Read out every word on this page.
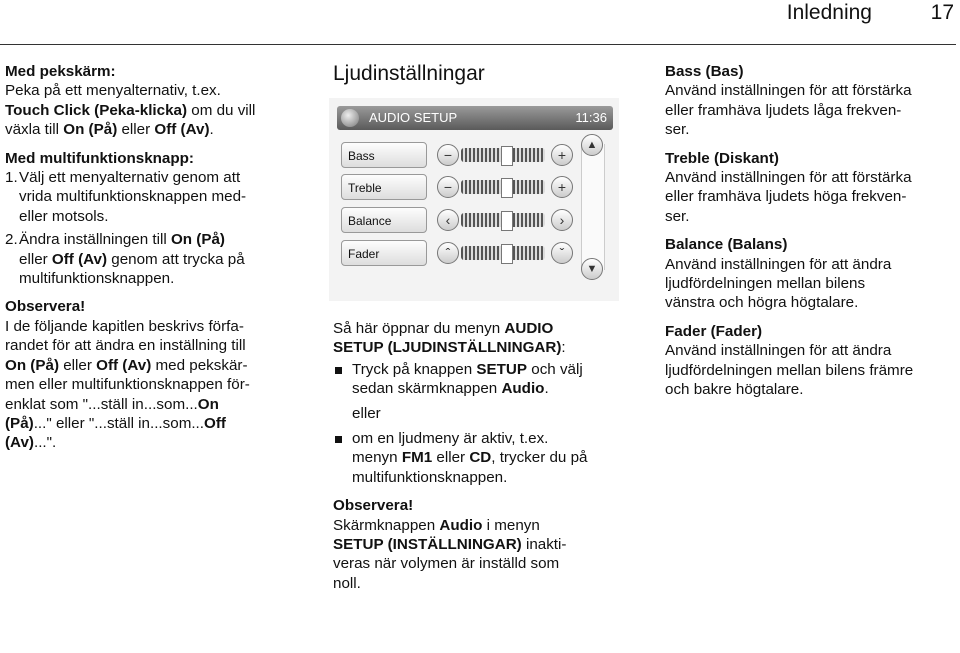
Inledning	17

Med pekskärm:

Peka på ett menyalternativ, t.ex.

Touch Click (Peka-klicka) om du vill

växla till On (På) eller Off (Av).

Med multifunktionsknapp:

1. Välj ett menyalternativ genom att
vrida multifunktionsknappen med-
eller motsols.
2. Ändra inställningen till On (På)
eller Off (Av) genom att trycka på
multifunktionsknappen.

Observera!

I de följande kapitlen beskrivs förfa-

randet för att ändra en inställning till

On (På) eller Off (Av) med pekskär-

men eller multifunktionsknappen för-

enklat som "...ställ in...som...On

(På)..." eller "...ställ in...som...Off

(Av)...".

Ljudinställningar
AUDIO SETUP	11:36
Bass	−	+
Treble	−	+
Balance	‹	›
Fader	ˆ	ˇ
▲
▼

Så här öppnar du menyn AUDIO

SETUP (LJUDINSTÄLLNINGAR):

Tryck på knappen SETUP och välj
sedan skärmknappen Audio.

eller

om en ljudmeny är aktiv, t.ex.
menyn FM1 eller CD, trycker du på
multifunktionsknappen.

Observera!

Skärmknappen Audio i menyn

SETUP (INSTÄLLNINGAR) inakti-

veras när volymen är inställd som

noll.

Bass (Bas)

Använd inställningen för att förstärka

eller framhäva ljudets låga frekven-

ser.

Treble (Diskant)

Använd inställningen för att förstärka

eller framhäva ljudets höga frekven-

ser.

Balance (Balans)

Använd inställningen för att ändra

ljudfördelningen mellan bilens

vänstra och högra högtalare.

Fader (Fader)

Använd inställningen för att ändra

ljudfördelningen mellan bilens främre

och bakre högtalare.
